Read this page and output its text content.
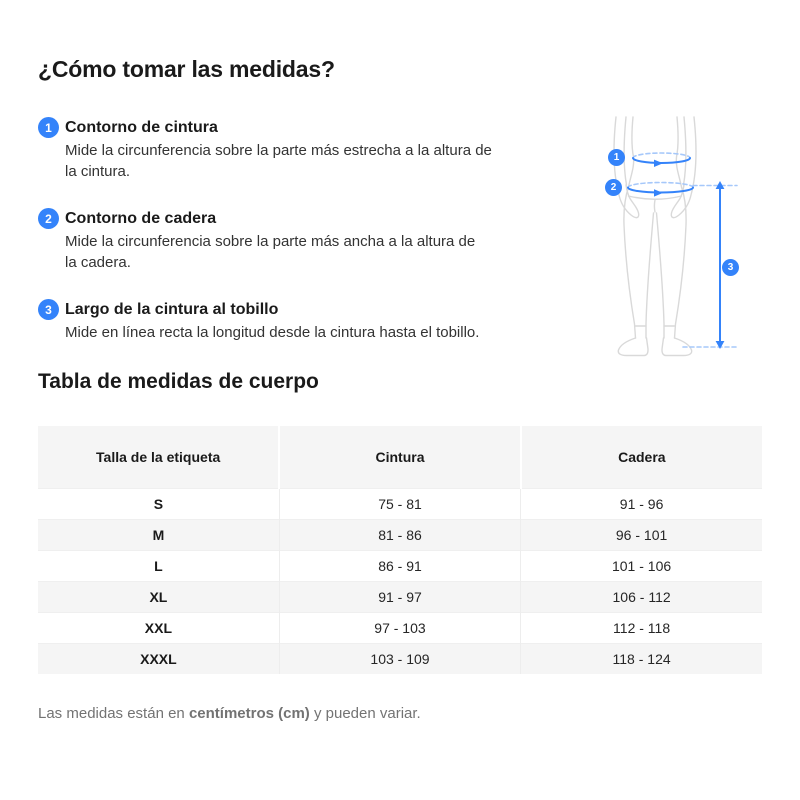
¿Cómo tomar las medidas?
1 Contorno de cintura
Mide la circunferencia sobre la parte más estrecha a la altura de
la cintura.
2 Contorno de cadera
Mide la circunferencia sobre la parte más ancha a la altura de
la cadera.
3 Largo de la cintura al tobillo
Mide en línea recta la longitud desde la cintura hasta el tobillo.
1
2
3
Tabla de medidas de cuerpo
Talla de la etiqueta	Cintura	Cadera
S	75 - 81	91 - 96
M	81 - 86	96 - 101
L	86 - 91	101 - 106
XL	91 - 97	106 - 112
XXL	97 - 103	112 - 118
XXXL	103 - 109	118 - 124

Las medidas están en centímetros (cm) y pueden variar.
